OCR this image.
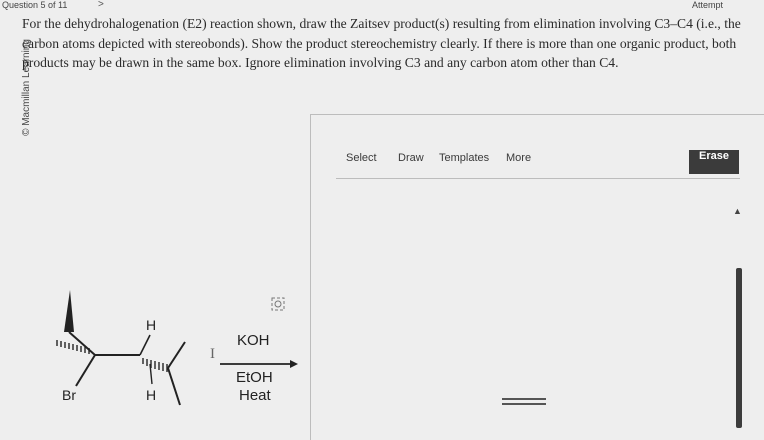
Question 5 of 11	>	Attempt
© Macmillan Learning
For the dehydrohalogenation (E2) reaction shown, draw the Zaitsev product(s) resulting from elimination involving C3–C4 (i.e., the carbon atoms depicted with stereobonds). Show the product stereochemistry clearly. If there is more than one organic product, both products may be drawn in the same box. Ignore elimination involving C3 and any carbon atom other than C4.
Select Draw Templates More	Erase
▲
H
Br	H
I
KOH
EtOH
Heat
